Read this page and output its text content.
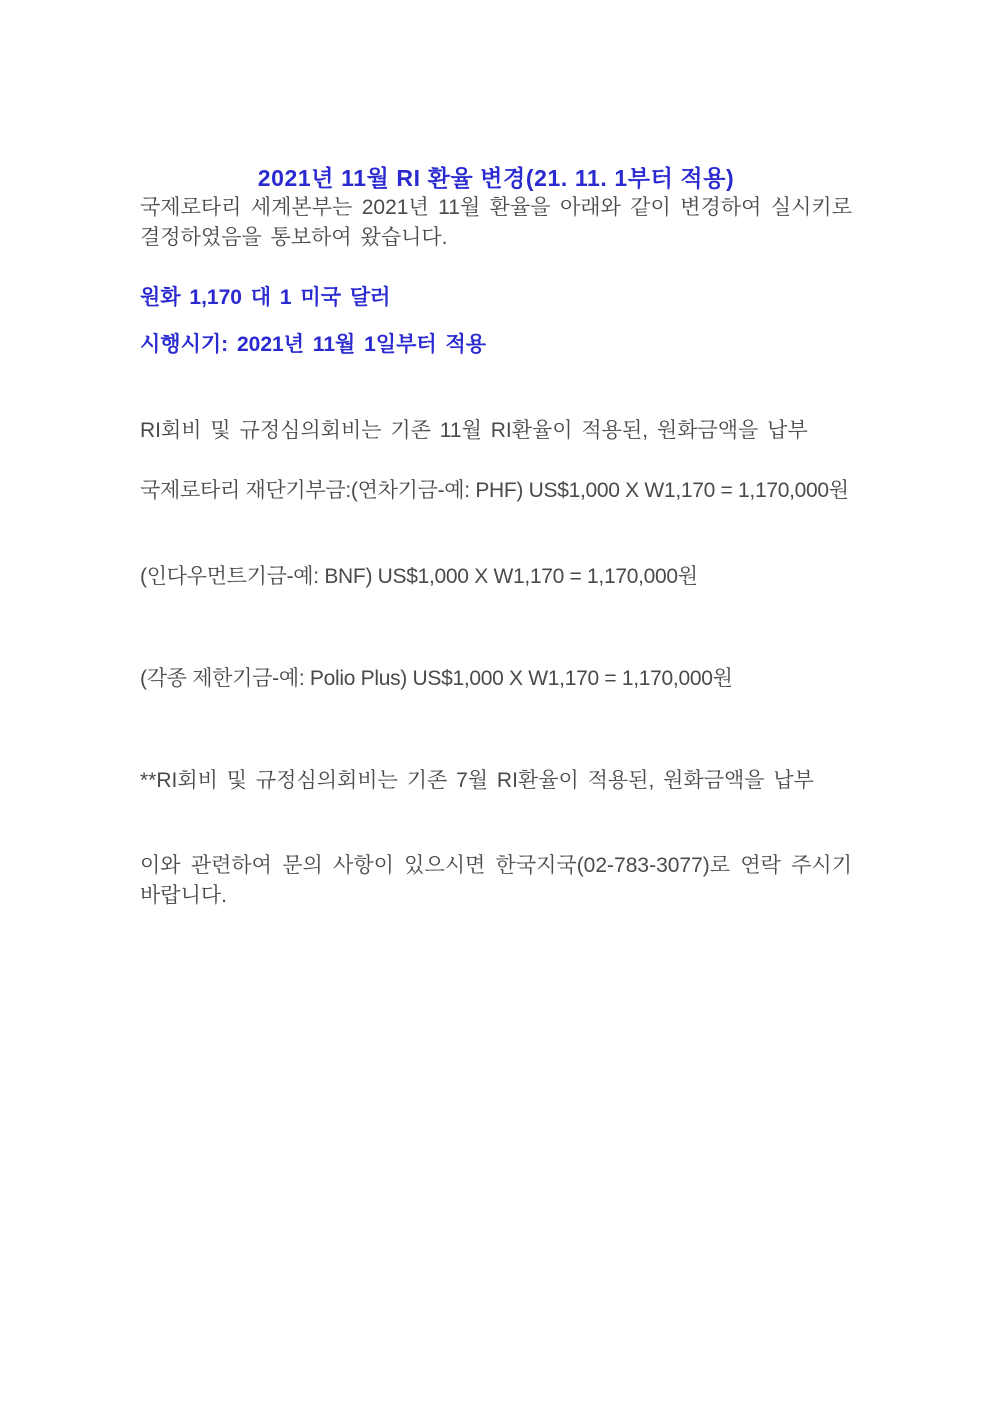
2021년 11월 RI 환율 변경(21. 11. 1부터 적용)

국제로타리 세계본부는 2021년 11월 환율을 아래와 같이 변경하여 실시키로 결정하였음을 통보하여 왔습니다.

원화 1,170 대 1 미국 달러

시행시기: 2021년 11월 1일부터 적용

RI회비 및 규정심의회비는 기존 11월 RI환율이 적용된, 원화금액을 납부

국제로타리 재단기부금:(연차기금-예: PHF) US$1,000 X W1,170 = 1,170,000원

(인다우먼트기금-예: BNF) US$1,000 X W1,170 = 1,170,000원

(각종 제한기금-예: Polio Plus) US$1,000 X W1,170 = 1,170,000원

**RI회비 및 규정심의회비는 기존 7월 RI환율이 적용된, 원화금액을 납부

이와 관련하여 문의 사항이 있으시면 한국지국(02-783-3077)로 연락 주시기 바랍니다.
